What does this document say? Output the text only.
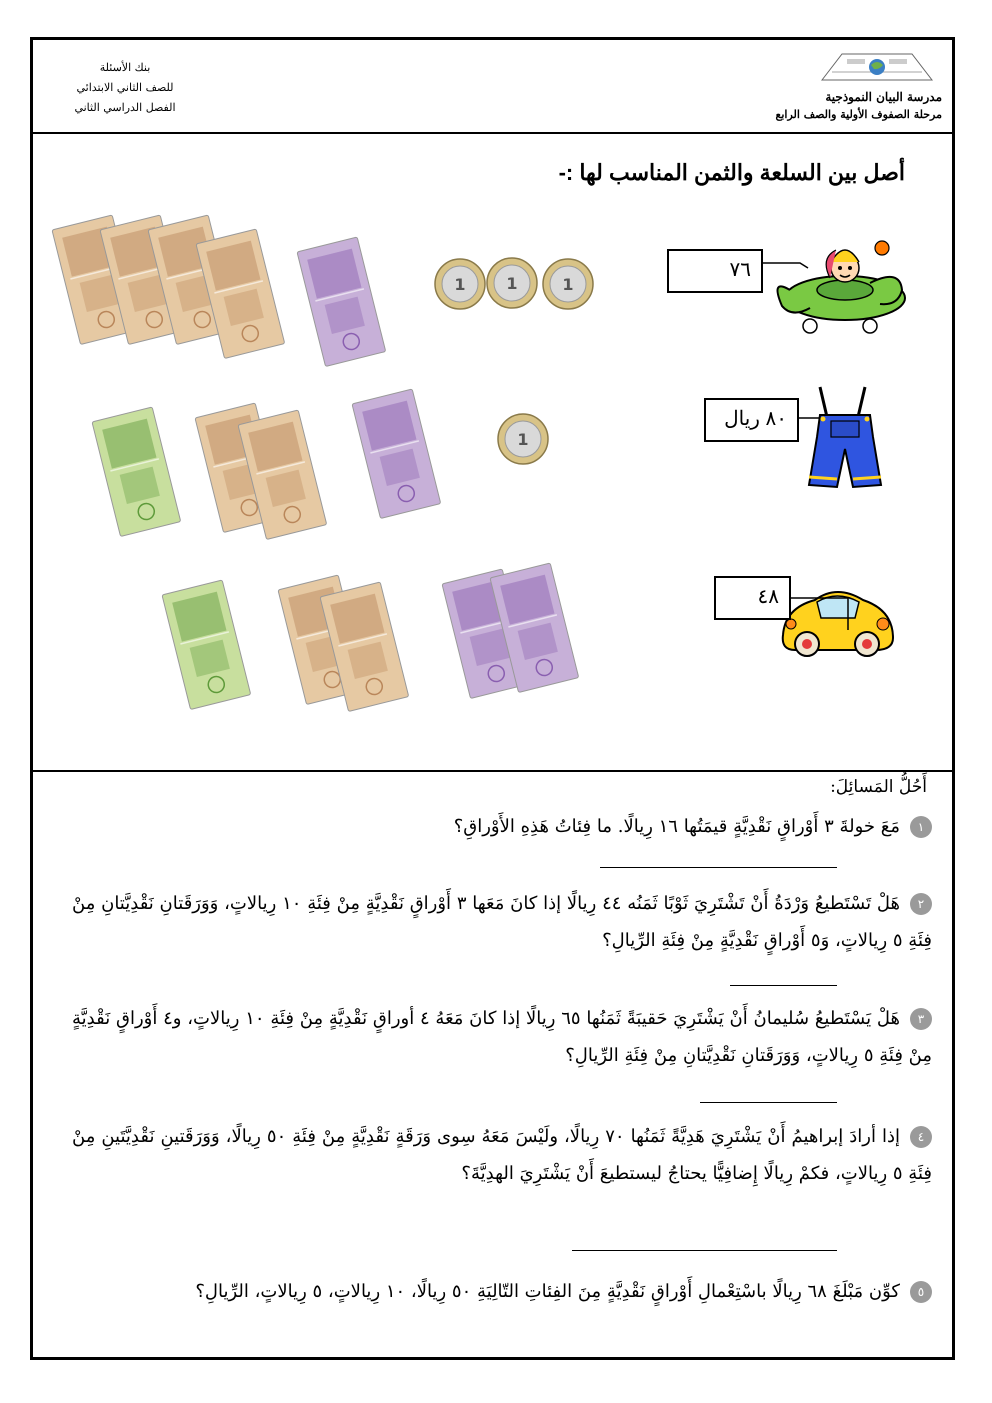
مدرسة البيان النموذجية
مرحلة الصفوف الأولية والصف الرابع
بنك الأسئلة
للصف الثاني الابتدائي
الفصل الدراسي الثاني
أصل بين السلعة والثمن المناسب لها :-
1	1	1
1
٧٦
٨٠ ريال
٤٨
أَحُلُّ المَسائِلَ:
١مَعَ خولةَ ٣ أَوْراقٍ نَقْدِيَّةٍ قيمَتُها ١٦ رِيالًا. ما فِئاتُ هَذِهِ الأَوْراقِ؟
٢هَلْ تَسْتَطيعُ وَرْدَةُ أَنْ تَشْتَرِيَ ثَوْبًا ثَمَنُه ٤٤ رِيالًا إذا كانَ مَعَها ٣ أَوْراقٍ نَقْدِيَّةٍ مِنْ فِئَةِ ١٠ رِيالاتٍ، وَوَرَقَتانِ نَقْدِيَّتانِ مِنْ فِئَةِ ٥ رِيالاتٍ، وَ٥ أَوْراقٍ نَقْدِيَّةٍ مِنْ فِئَةِ الرِّيالِ؟
٣هَلْ يَسْتَطيعُ سُليمانُ أَنْ يَشْتَرِيَ حَقيبَةً ثَمَنُها ٦٥ رِيالًا إذا كانَ مَعَهُ ٤ أوراقٍ نَقْدِيَّةٍ مِنْ فِئَةِ ١٠ رِيالاتٍ، و٤ أَوْراقٍ نَقْدِيَّةٍ مِنْ فِئَةِ ٥ رِيالاتٍ، وَوَرَقَتانِ نَقْدِيَّتانِ مِنْ فِئَةِ الرِّيالِ؟
٤إذا أرادَ إبراهيمُ أَنْ يَشْتَرِيَ هَدِيَّةً ثَمَنُها ٧٠ رِيالًا، ولَيْسَ مَعَهُ سِوى وَرَقَةٍ نَقْدِيَّةٍ مِنْ فِئَةِ ٥٠ رِيالًا، وَوَرَقَتينِ نَقْدِيَّتَينِ مِنْ فِئَةِ ٥ رِيالاتٍ، فكمْ رِيالًا إِضافِيًّا يحتاجُ ليستطيعَ أَنْ يَشْتَرِيَ الهدِيَّةَ؟
٥كوِّن مَبْلَغَ ٦٨ رِيالًا باسْتِعْمالِ أَوْراقٍ نَقْدِيَّةٍ مِنَ الفِئاتِ التّالِيَةِ ٥٠ رِيالًا، ١٠ رِيالاتٍ، ٥ رِيالاتٍ، الرِّيالِ؟
